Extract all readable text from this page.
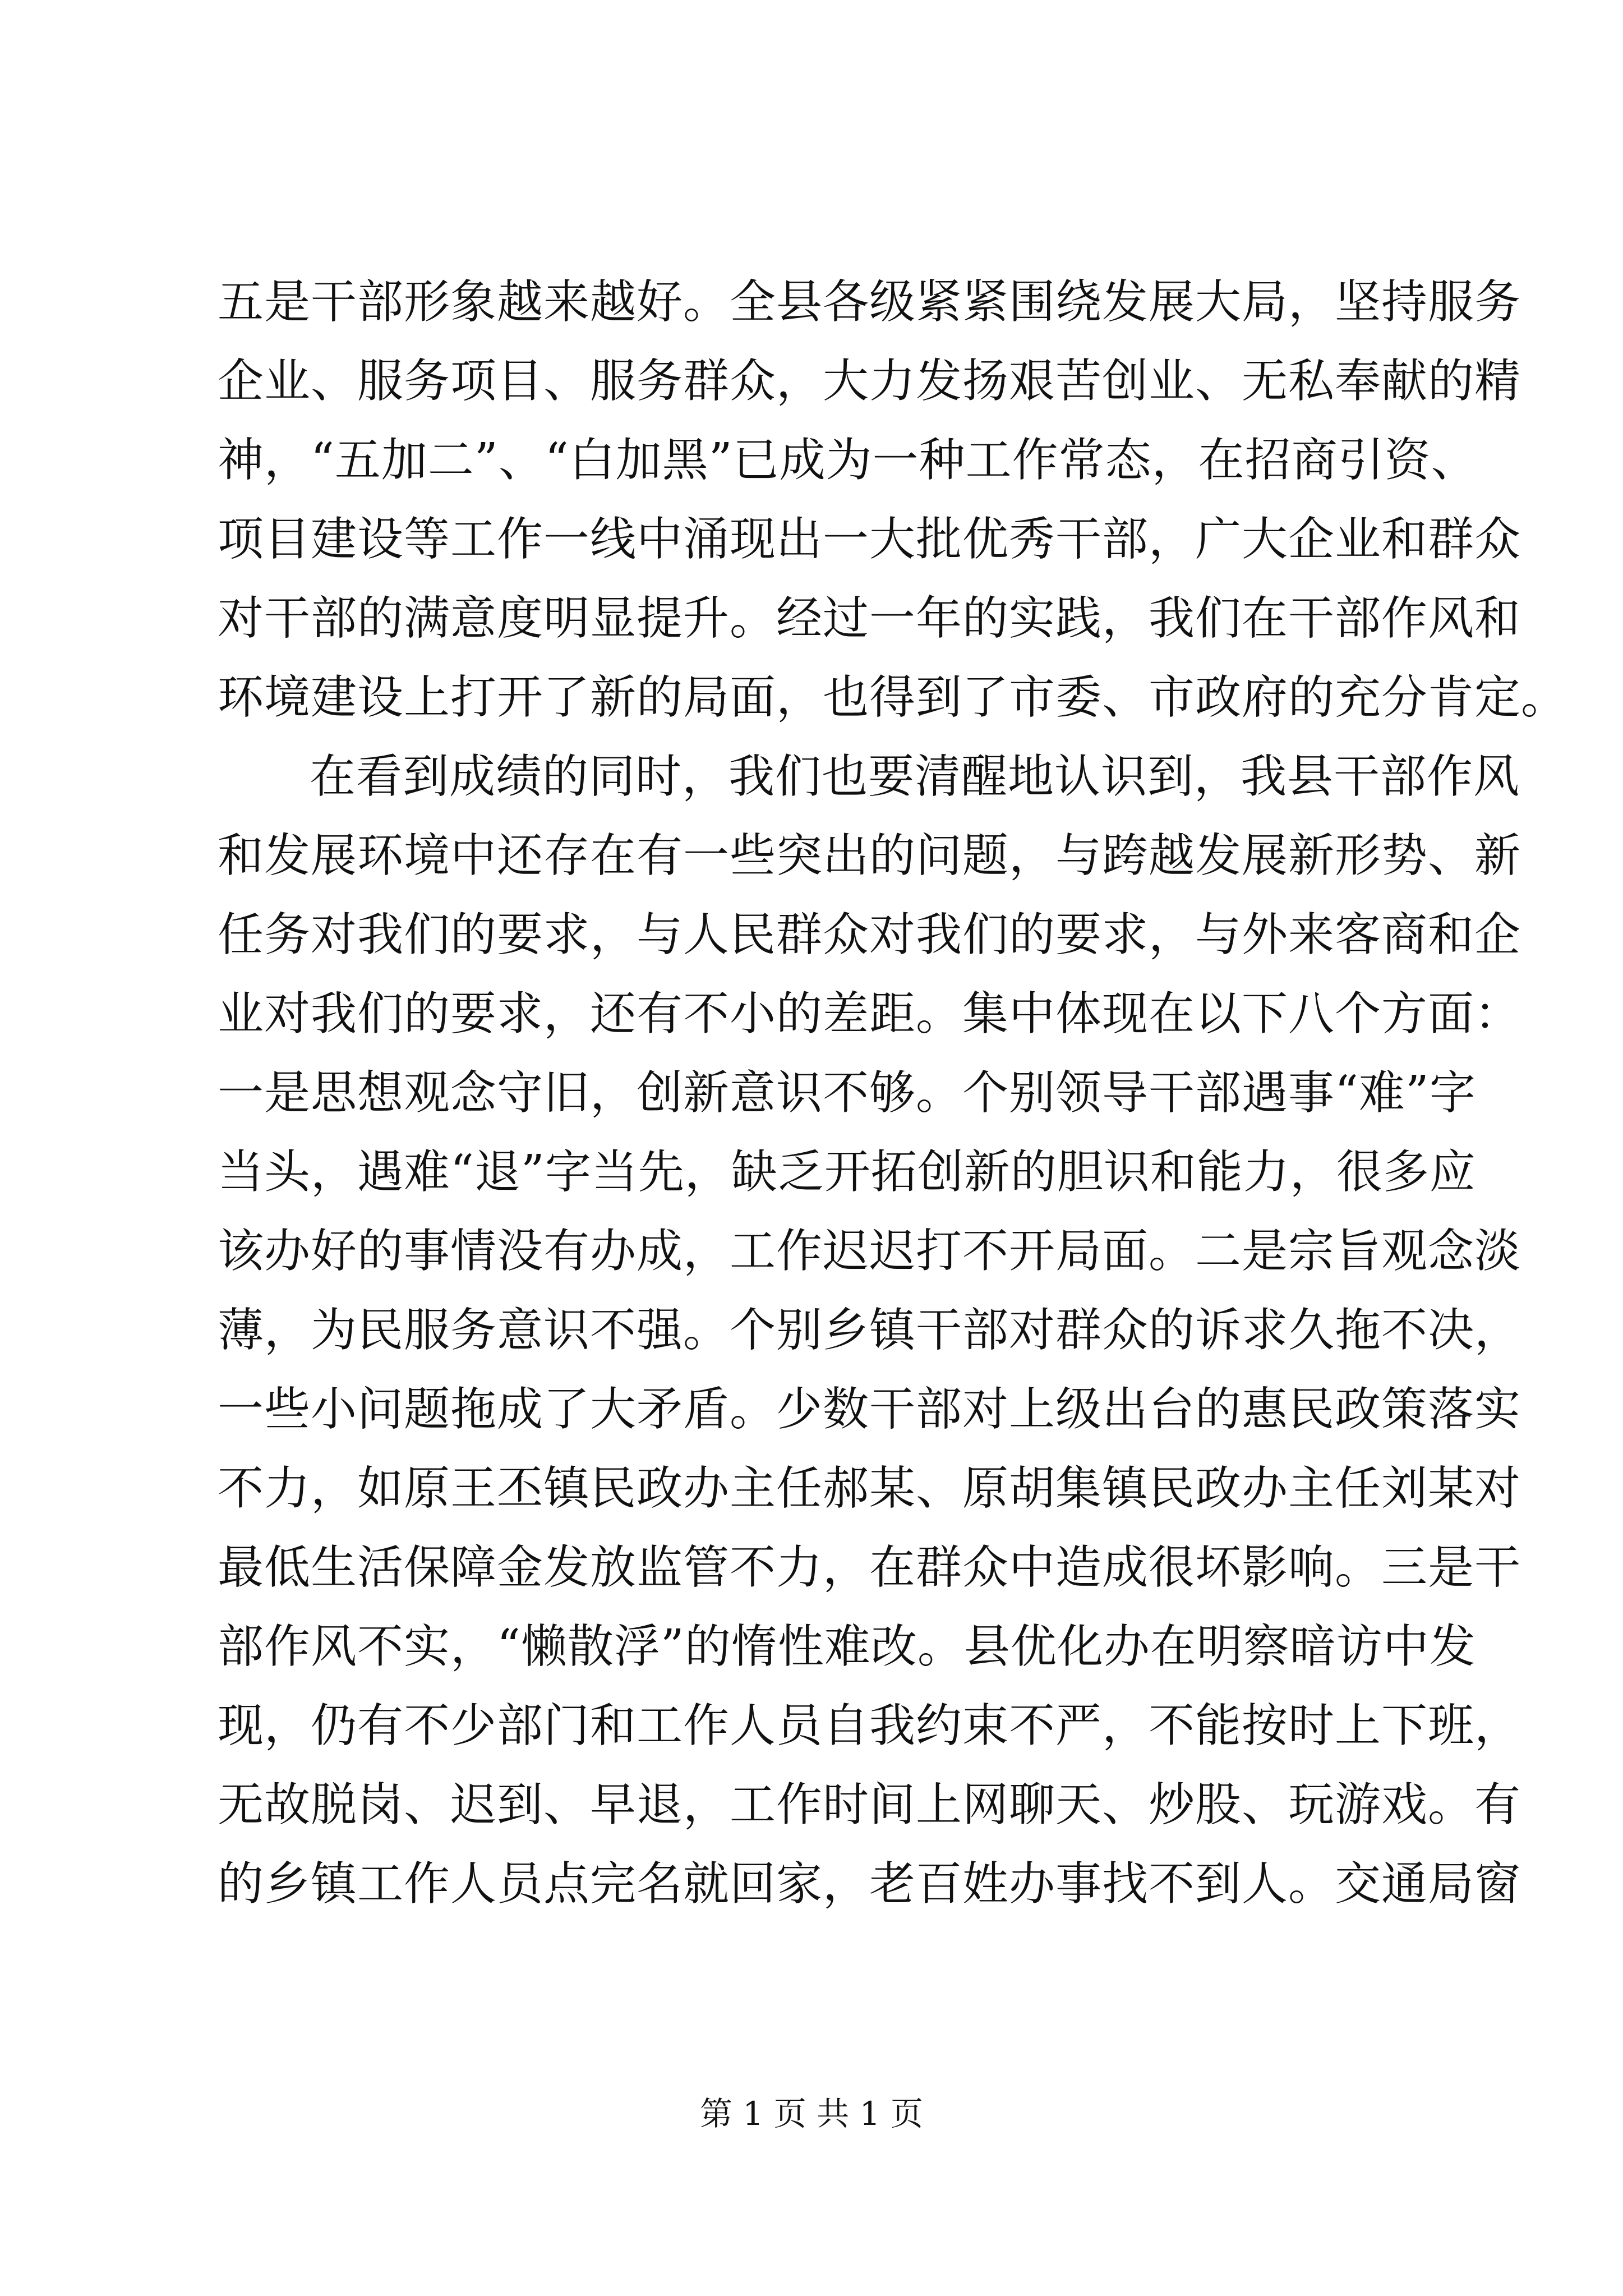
五是干部形象越来越好。全县各级紧紧围绕发展大局，坚持服务
企业、服务项目、服务群众，大力发扬艰苦创业、无私奉献的精
神，“五加二”、“白加黑”已成为一种工作常态，在招商引资、
项目建设等工作一线中涌现出一大批优秀干部，广大企业和群众
对干部的满意度明显提升。经过一年的实践，我们在干部作风和
环境建设上打开了新的局面，也得到了市委、市政府的充分肯定。
在看到成绩的同时，我们也要清醒地认识到，我县干部作风
和发展环境中还存在有一些突出的问题，与跨越发展新形势、新
任务对我们的要求，与人民群众对我们的要求，与外来客商和企
业对我们的要求，还有不小的差距。集中体现在以下八个方面：
一是思想观念守旧，创新意识不够。个别领导干部遇事“难”字
当头，遇难“退”字当先，缺乏开拓创新的胆识和能力，很多应
该办好的事情没有办成，工作迟迟打不开局面。二是宗旨观念淡
薄，为民服务意识不强。个别乡镇干部对群众的诉求久拖不决，
一些小问题拖成了大矛盾。少数干部对上级出台的惠民政策落实
不力，如原王丕镇民政办主任郝某、原胡集镇民政办主任刘某对
最低生活保障金发放监管不力，在群众中造成很坏影响。三是干
部作风不实，“懒散浮”的惰性难改。县优化办在明察暗访中发
现，仍有不少部门和工作人员自我约束不严，不能按时上下班，
无故脱岗、迟到、早退，工作时间上网聊天、炒股、玩游戏。有
的乡镇工作人员点完名就回家，老百姓办事找不到人。交通局窗
第 1 页 共 1 页
